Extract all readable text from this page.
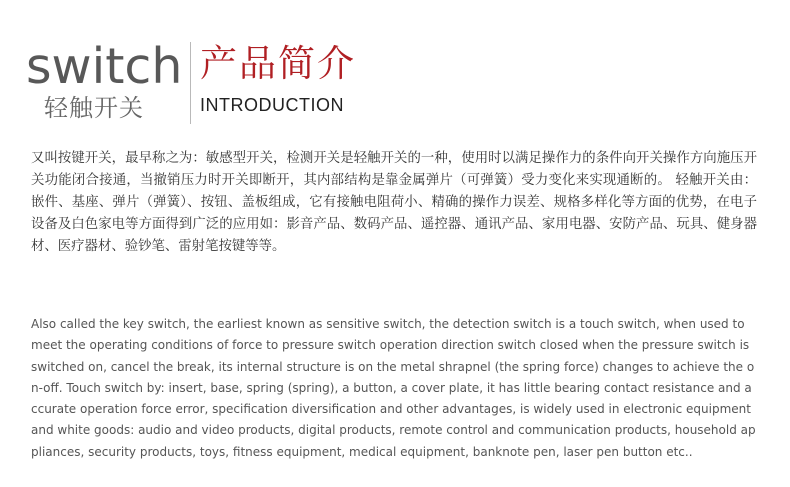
switch
轻触开关
产品简介
INTRODUCTION

又叫按键开关，最早称之为：敏感型开关，检测开关是轻触开关的一种，使用时以满足操作力的条件向开关操作方向施压开关功能闭合接通，当撤销压力时开关即断开，其内部结构是靠金属弹片（可弹簧）受力变化来实现通断的。 轻触开关由：嵌件、基座、弹片（弹簧）、按钮、盖板组成，它有接触电阻荷小、精确的操作力误差、规格多样化等方面的优势，在电子设备及白色家电等方面得到广泛的应用如：影音产品、数码产品、遥控器、通讯产品、家用电器、安防产品、玩具、健身器材、医疗器材、验钞笔、雷射笔按键等等。

Also called the key switch, the earliest known as sensitive switch, the detection switch is a touch switch, when used to meet the operating conditions of force to pressure switch operation direction switch closed when the pressure switch is switched on, cancel the break, its internal structure is on the metal shrapnel (the spring force) changes to achieve the on-off. Touch switch by: insert, base, spring (spring), a button, a cover plate, it has little bearing contact resistance and accurate operation force error, specification diversification and other advantages, is widely used in electronic equipment and white goods: audio and video products, digital products, remote control and communication products, household appliances, security products, toys, fitness equipment, medical equipment, banknote pen, laser pen button etc..
